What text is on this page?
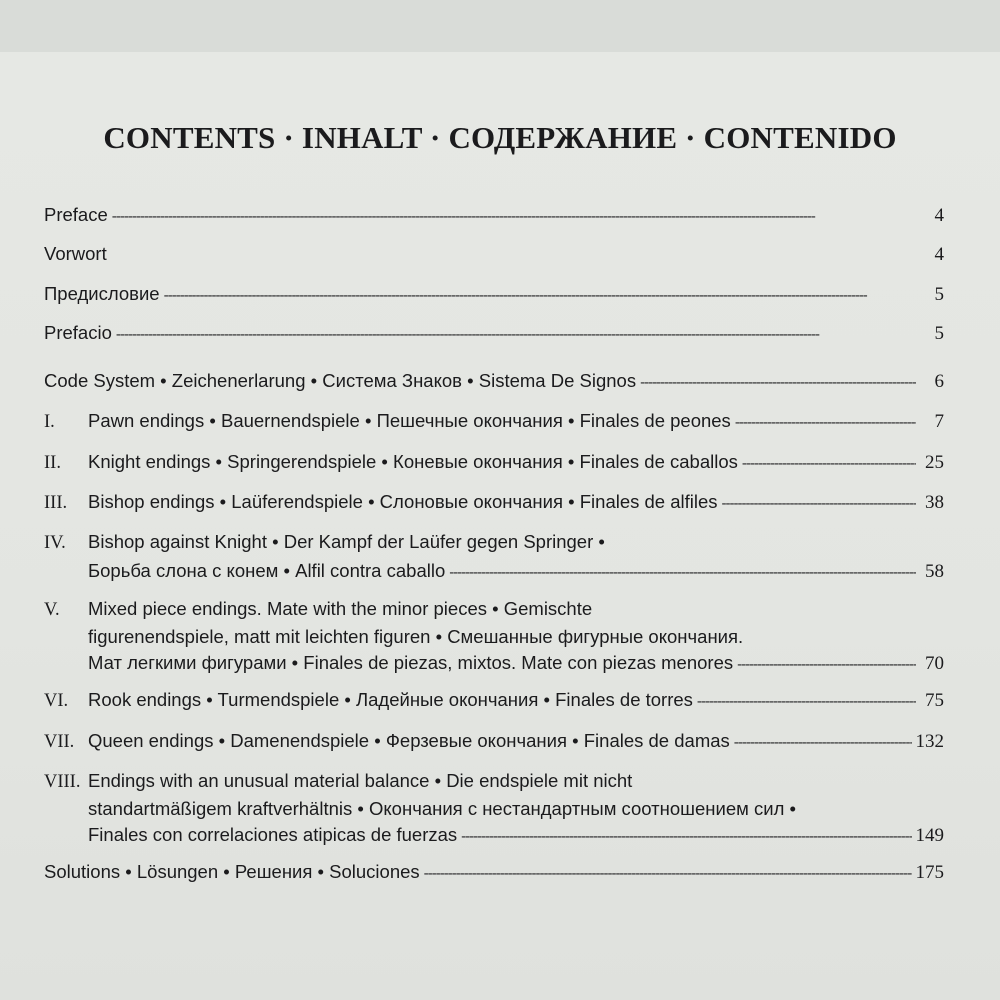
CONTENTS · INHALT · СОДЕРЖАНИЕ · CONTENIDO
Preface -----	4
Vorwort	4
Предисловие -----	5
Prefacio -----	5
Code System • Zeichenerlarung • Система Знаков • Sistema De Signos -----	6
I.	Pawn endings • Bauernendspiele • Пешечные окончания • Finales de peones -----	7
II.	Knight endings • Springerendspiele • Коневые окончания • Finales de caballos -----	25
III.	Bishop endings • Laüferendspiele • Слоновые окончания • Finales de alfiles -----	38
IV.	Bishop against Knight • Der Kampf der Laüfer gegen Springer •
Борьба слона с конем • Alfil contra caballo -----	58
V.	Mixed piece endings. Mate with the minor pieces • Gemischte
figurenendspiele, matt mit leichten figuren • Смешанные фигурные окончания.
Мат легкими фигурами • Finales de piezas, mixtos. Mate con piezas menores -----	70
VI.	Rook endings • Turmendspiele • Ладейные окончания • Finales de torres -----	75
VII. Queen endings • Damenendspiele • Ферзевые окончания • Finales de damas -----	132
VIII. Endings with an unusual material balance • Die endspiele mit nicht
standartmäßigem kraftverhältnis • Окончания с нестандартным соотношением сил •
Finales con correlaciones atipicas de fuerzas -----	149
Solutions • Lösungen • Решения • Soluciones -----	175
